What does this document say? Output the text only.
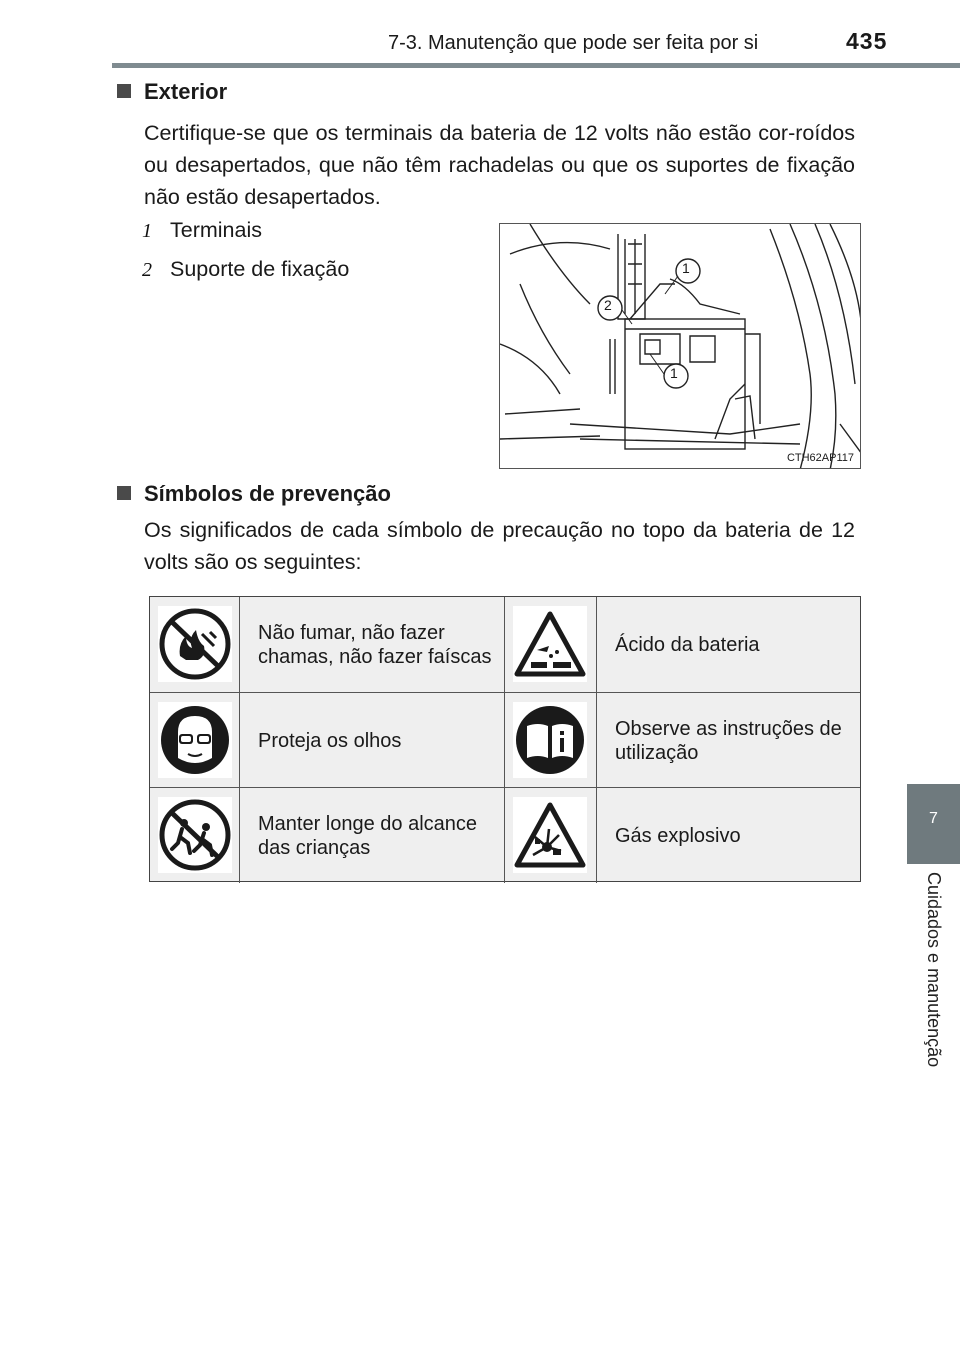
7-3. Manutenção que pode ser feita por si	435
7
Cuidados e manutenção
Exterior
Certifique-se que os terminais da bateria de 12 volts não estão cor-roídos ou desapertados, que não têm rachadelas ou que os suportes de fixação não estão desapertados.
1 Terminais
2 Suporte de fixação	1
2
1
CTH62AP117
Símbolos de prevenção
Os significados de cada símbolo de precaução no topo da bateria de 12 volts são os seguintes:
Não fumar, não fazer chamas, não fazer faíscas
Ácido da bateria
Proteja os olhos
Observe as instruções de utilização
Manter longe do alcance das crianças
Gás explosivo
